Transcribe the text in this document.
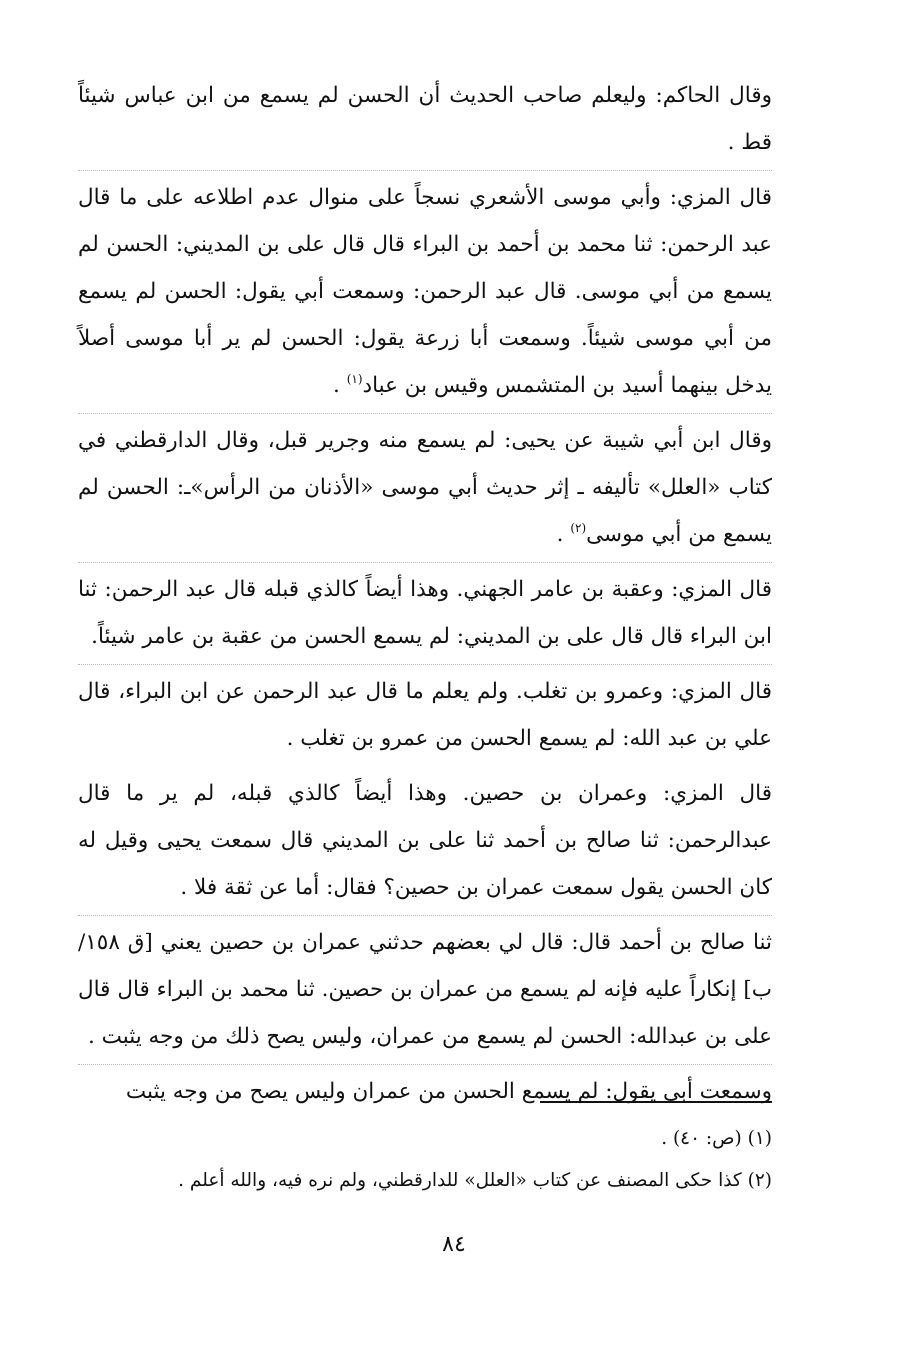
وقال الحاكم: وليعلم صاحب الحديث أن الحسن لم يسمع من ابن عباس شيئاً قط .

قال المزي: وأبي موسى الأشعري نسجاً على منوال عدم اطلاعه على ما قال عبد الرحمن: ثنا محمد بن أحمد بن البراء قال قال على بن المديني: الحسن لم يسمع من أبي موسى. قال عبد الرحمن: وسمعت أبي يقول: الحسن لم يسمع من أبي موسى شيئاً. وسمعت أبا زرعة يقول: الحسن لم ير أبا موسى أصلاً يدخل بينهما أسيد بن المتشمس وقيس بن عباد$^{(١)}$ .

وقال ابن أبي شيبة عن يحيى: لم يسمع منه وجرير قبل، وقال الدارقطني في كتاب «العلل» تأليفه ـ إثر حديث أبي موسى «الأذنان من الرأس»ـ: الحسن لم يسمع من أبي موسى$^{(٢)}$ .

قال المزي: وعقبة بن عامر الجهني. وهذا أيضاً كالذي قبله قال عبد الرحمن: ثنا ابن البراء قال قال على بن المديني: لم يسمع الحسن من عقبة بن عامر شيئاً.

قال المزي: وعمرو بن تغلب. ولم يعلم ما قال عبد الرحمن عن ابن البراء، قال علي بن عبد الله: لم يسمع الحسن من عمرو بن تغلب .

قال المزي: وعمران بن حصين. وهذا أيضاً كالذي قبله، لم ير ما قال عبدالرحمن: ثنا صالح بن أحمد ثنا على بن المديني قال سمعت يحيى وقيل له كان الحسن يقول سمعت عمران بن حصين؟ فقال: أما عن ثقة فلا .

ثنا صالح بن أحمد قال: قال لي بعضهم حدثني عمران بن حصين يعني [ق ١٥٨/ب] إنكاراً عليه فإنه لم يسمع من عمران بن حصين. ثنا محمد بن البراء قال قال على بن عبدالله: الحسن لم يسمع من عمران، وليس يصح ذلك من وجه يثبت .

وسمعت أبي يقول: لم يسمع الحسن من عمران وليس يصح من وجه يثبت

(١) (ص: ٤٠) .

(٢) كذا حكى المصنف عن كتاب «العلل» للدارقطني، ولم نره فيه، والله أعلم .

٨٤
